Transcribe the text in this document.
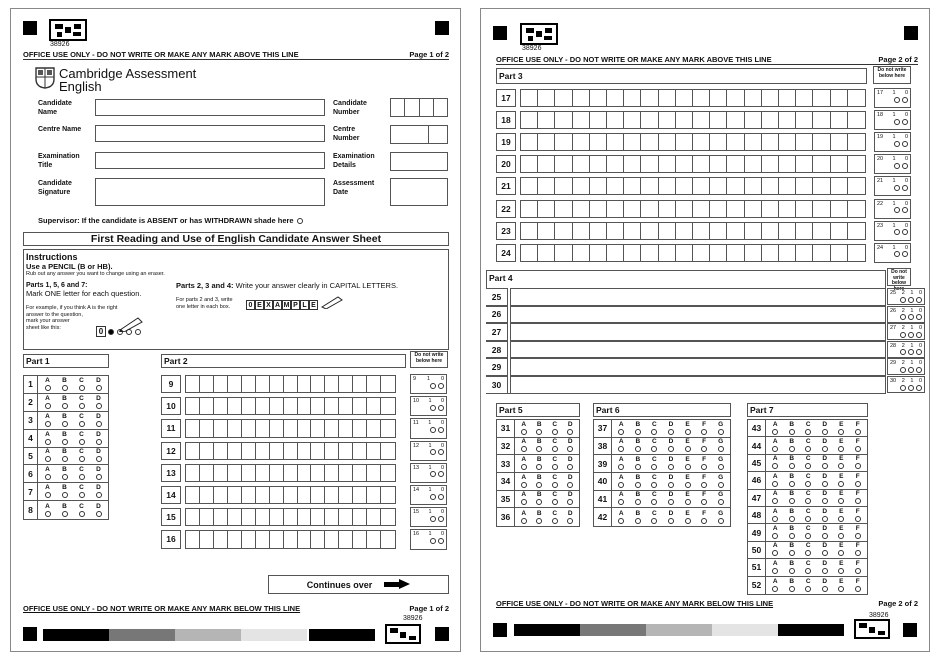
38926
OFFICE USE ONLY - DO NOT WRITE OR MAKE ANY MARK ABOVE THIS LINE	Page 1 of 2
Cambridge Assessment
English
Candidate Name
Centre Name
Examination Title
Candidate Signature
Candidate Number
Centre Number
Examination Details
Assessment Date
Supervisor: If the candidate is ABSENT or has WITHDRAWN shade here
First Reading and Use of English Candidate Answer Sheet
Instructions
Use a PENCIL (B or HB).
Rub out any answer you want to change using an eraser.
Parts 1, 5, 6 and 7:
Mark ONE letter for each question.
For example, if you think A is the right
answer to the question,
mark your answer
sheet like this:	0
Parts 2, 3 and 4: Write your answer clearly in CAPITAL LETTERS.
For parts 2 and 3, write
one letter in each box.	0 E X A M P L E
Part 1
1	A B C D
2	A B C D
3	A B C D
4	A B C D
5	A B C D
6	A B C D
7	A B C D
8	A B C D
Part 2
Do not write below here
Continues over
OFFICE USE ONLY - DO NOT WRITE OR MAKE ANY MARK BELOW THIS LINE	Page 1 of 2
38926
9
9 1 0
10
10 1 0
11
11 1 0
12
12 1 0
13
13 1 0
14
14 1 0
15
15 1 0
16
16 1 0
38926
OFFICE USE ONLY - DO NOT WRITE OR MAKE ANY MARK ABOVE THIS LINE	Page 2 of 2
Part 3
Do not write below here
Part 4
Do not write below here
Part 5
31	A B C D
32	A B C D
33	A B C D
34	A B C D
35	A B C D
36	A B C D
Part 6
37	A B C D E F G
38	A B C D E F G
39	A B C D E F G
40	A B C D E F G
41	A B C D E F G
42	A B C D E F G
Part 7
43	A B C D E F
44	A B C D E F
45	A B C D E F
46	A B C D E F
47	A B C D E F
48	A B C D E F
49	A B C D E F
50	A B C D E F
51	A B C D E F
52	A B C D E F
OFFICE USE ONLY - DO NOT WRITE OR MAKE ANY MARK BELOW THIS LINE	Page 2 of 2
38926
17
17 1 0
18
18 1 0
19
19 1 0
20
20 1 0
21
21 1 0
22
22 1 0
23
23 1 0
24
24 1 0
25	25 2 1 0
26	26 2 1 0
27	27 2 1 0
28	28 2 1 0
29	29 2 1 0
30	30 2 1 0
